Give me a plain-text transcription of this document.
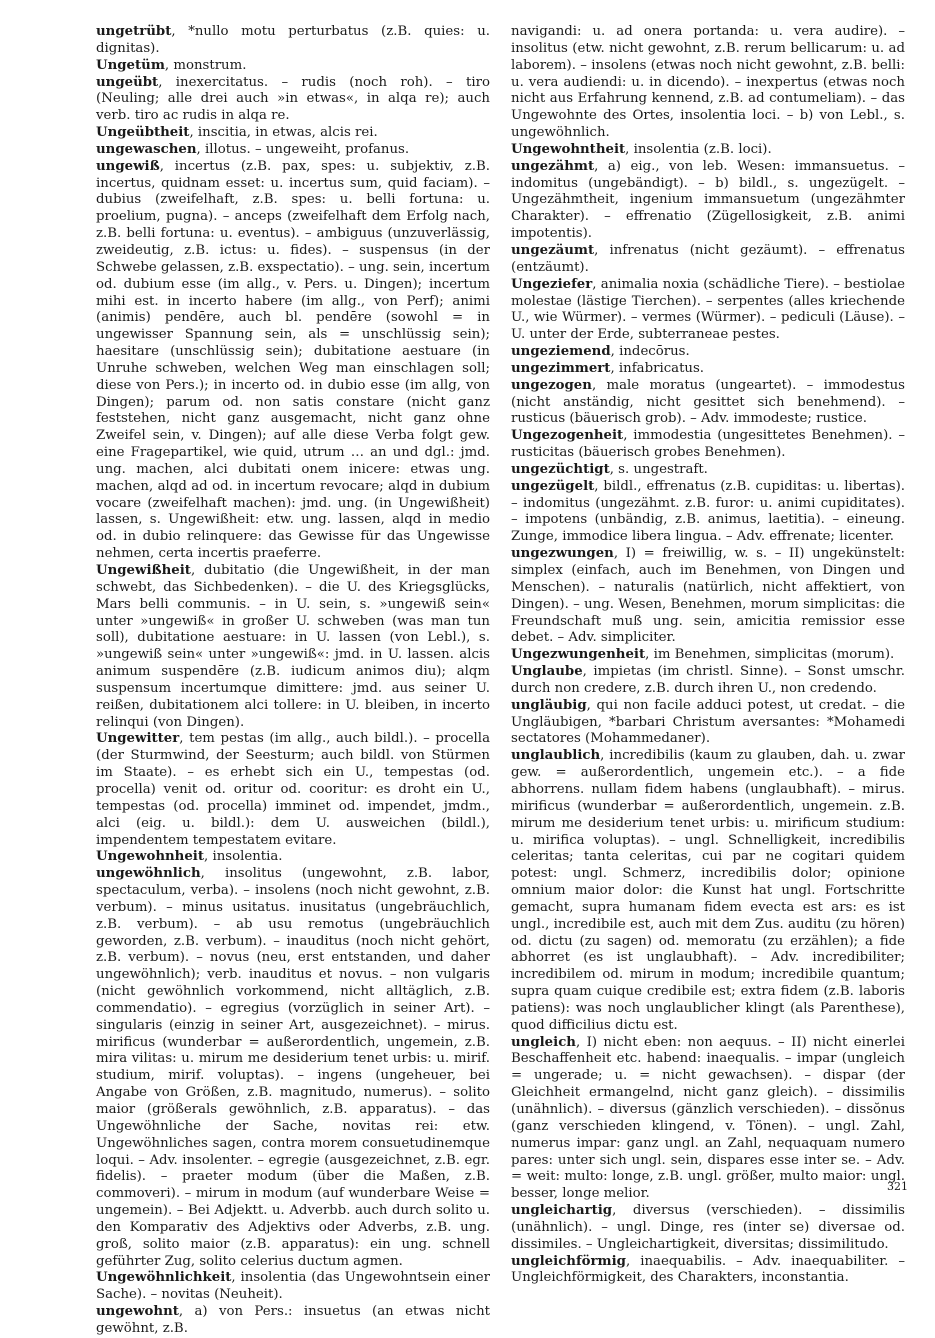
ungetrübt, *nullo motu perturbatus (z.B. quies: u. dignitas).

Ungetüm, monstrum.

ungeübt, inexercitatus. – rudis (noch roh). – tiro (Neuling; alle drei auch »in etwas«, in alqa re); auch verb. tiro ac rudis in alqa re.

Ungeübtheit, inscitia, in etwas, alcis rei.

ungewaschen, illotus. – ungeweiht, profanus.

ungewiß, incertus (z.B. pax, spes: u. subjektiv, z.B. incertus, quidnam esset: u. incertus sum, quid faciam). – dubius (zweifelhaft, z.B. spes: u. belli fortuna: u. proelium, pugna). – anceps (zweifelhaft dem Erfolg nach, z.B. belli fortuna: u. eventus). – ambiguus (unzuverlässig, zweideutig, z.B. ictus: u. fides). – suspensus (in der Schwebe gelassen, z.B. exspectatio). – ung. sein, incertum od. dubium esse (im allg., v. Pers. u. Dingen); incertum mihi est. in incerto habere (im allg., von Perf); animi (animis) pendēre, auch bl. pendēre (sowohl = in ungewisser Spannung sein, als = unschlüssig sein); haesitare (unschlüssig sein); dubitatione aestuare (in Unruhe schweben, welchen Weg man einschlagen soll; diese von Pers.); in incerto od. in dubio esse (im allg, von Dingen); parum od. non satis constare (nicht ganz feststehen, nicht ganz ausgemacht, nicht ganz ohne Zweifel sein, v. Dingen); auf alle diese Verba folgt gew. eine Fragepartikel, wie quid, utrum … an und dgl.: jmd. ung. machen, alci dubitati onem inicere: etwas ung. machen, alqd ad od. in incertum revocare; alqd in dubium vocare (zweifelhaft machen): jmd. ung. (in Ungewißheit) lassen, s. Ungewißheit: etw. ung. lassen, alqd in medio od. in dubio relinquere: das Gewisse für das Ungewisse nehmen, certa incertis praeferre.

Ungewißheit, dubitatio (die Ungewißheit, in der man schwebt, das Sichbedenken). – die U. des Kriegsglücks, Mars belli communis. – in U. sein, s. »ungewiß sein« unter »ungewiß« in großer U. schweben (was man tun soll), dubitatione aestuare: in U. lassen (von Lebl.), s. »ungewiß sein« unter »ungewiß«: jmd. in U. lassen. alcis animum suspendēre (z.B. iudicum animos diu); alqm suspensum incertumque dimittere: jmd. aus seiner U. reißen, dubitationem alci tollere: in U. bleiben, in incerto relinqui (von Dingen).

Ungewitter, tem pestas (im allg., auch bildl.). – procella (der Sturmwind, der Seesturm; auch bildl. von Stürmen im Staate). – es erhebt sich ein U., tempestas (od. procella) venit od. oritur od. cooritur: es droht ein U., tempestas (od. procella) imminet od. impendet, jmdm., alci (eig. u. bildl.): dem U. ausweichen (bildl.), impendentem tempestatem evitare.

Ungewohnheit, insolentia.

ungewöhnlich, insolitus (ungewohnt, z.B. labor, spectaculum, verba). – insolens (noch nicht gewohnt, z.B. verbum). – minus usitatus. inusitatus (ungebräuchlich, z.B. verbum). – ab usu remotus (ungebräuchlich geworden, z.B. verbum). – inauditus (noch nicht gehört, z.B. verbum). – novus (neu, erst entstanden, und daher ungewöhnlich); verb. inauditus et novus. – non vulgaris (nicht gewöhnlich vorkommend, nicht alltäglich, z.B. commendatio). – egregius (vorzüglich in seiner Art). – singularis (einzig in seiner Art, ausgezeichnet). – mirus. mirificus (wunderbar = außerordentlich, ungemein, z.B. mira vilitas: u. mirum me desiderium tenet urbis: u. mirif. studium, mirif. voluptas). – ingens (ungeheuer, bei Angabe von Größen, z.B. magnitudo, numerus). – solito maior (größerals gewöhnlich, z.B. apparatus). – das Ungewöhnliche der Sache, novitas rei: etw. Ungewöhnliches sagen, contra morem consuetudinemque loqui. – Adv. insolenter. – egregie (ausgezeichnet, z.B. egr. fidelis). – praeter modum (über die Maßen, z.B. commoveri). – mirum in modum (auf wunderbare Weise = ungemein). – Bei Adjektt. u. Adverbb. auch durch solito u. den Komparativ des Adjektivs oder Adverbs, z.B. ung. groß, solito maior (z.B. apparatus): ein ung. schnell geführter Zug, solito celerius ductum agmen.

Ungewöhnlichkeit, insolentia (das Ungewohntsein einer Sache). – novitas (Neuheit).

ungewohnt, a) von Pers.: insuetus (an etwas nicht gewöhnt, z.B.

navigandi: u. ad onera portanda: u. vera audire). – insolitus (etw. nicht gewohnt, z.B. rerum bellicarum: u. ad laborem). – insolens (etwas noch nicht gewohnt, z.B. belli: u. vera audiendi: u. in dicendo). – inexpertus (etwas noch nicht aus Erfahrung kennend, z.B. ad contumeliam). – das Ungewohnte des Ortes, insolentia loci. – b) von Lebl., s. ungewöhnlich.

Ungewohntheit, insolentia (z.B. loci).

ungezähmt, a) eig., von leb. Wesen: immansuetus. – indomitus (ungebändigt). – b) bildl., s. ungezügelt. – Ungezähmtheit, ingenium immansuetum (ungezähmter Charakter). – effrenatio (Zügellosigkeit, z.B. animi impotentis).

ungezäumt, infrenatus (nicht gezäumt). – effrenatus (entzäumt).

Ungeziefer, animalia noxia (schädliche Tiere). – bestiolae molestae (lästige Tierchen). – serpentes (alles kriechende U., wie Würmer). – vermes (Würmer). – pediculi (Läuse). – U. unter der Erde, subterraneae pestes.

ungeziemend, indecōrus.

ungezimmert, infabricatus.

ungezogen, male moratus (ungeartet). – immodestus (nicht anständig, nicht gesittet sich benehmend). – rusticus (bäuerisch grob). – Adv. immodeste; rustice.

Ungezogenheit, immodestia (ungesittetes Benehmen). – rusticitas (bäuerisch grobes Benehmen).

ungezüchtigt, s. ungestraft.

ungezügelt, bildl., effrenatus (z.B. cupiditas: u. libertas). – indomitus (ungezähmt. z.B. furor: u. animi cupiditates). – impotens (unbändig, z.B. animus, laetitia). – eineung. Zunge, immodice libera lingua. – Adv. effrenate; licenter.

ungezwungen, I) = freiwillig, w. s. – II) ungekünstelt: simplex (einfach, auch im Benehmen, von Dingen und Menschen). – naturalis (natürlich, nicht affektiert, von Dingen). – ung. Wesen, Benehmen, morum simplicitas: die Freundschaft muß ung. sein, amicitia remissior esse debet. – Adv. simpliciter.

Ungezwungenheit, im Benehmen, simplicitas (morum).

Unglaube, impietas (im christl. Sinne). – Sonst umschr. durch non credere, z.B. durch ihren U., non credendo.

ungläubig, qui non facile adduci potest, ut credat. – die Ungläubigen, *barbari Christum aversantes: *Mohamedi sectatores (Mohammedaner).

unglaublich, incredibilis (kaum zu glauben, dah. u. zwar gew. = außerordentlich, ungemein etc.). – a fide abhorrens. nullam fidem habens (unglaubhaft). – mirus. mirificus (wunderbar = außerordentlich, ungemein. z.B. mirum me desiderium tenet urbis: u. mirificum studium: u. mirifica voluptas). – ungl. Schnelligkeit, incredibilis celeritas; tanta celeritas, cui par ne cogitari quidem potest: ungl. Schmerz, incredibilis dolor; opinione omnium maior dolor: die Kunst hat ungl. Fortschritte gemacht, supra humanam fidem evecta est ars: es ist ungl., incredibile est, auch mit dem Zus. auditu (zu hören) od. dictu (zu sagen) od. memoratu (zu erzählen); a fide abhorret (es ist unglaubhaft). – Adv. incredibiliter; incredibilem od. mirum in modum; incredibile quantum; supra quam cuique credibile est; extra fidem (z.B. laboris patiens): was noch unglaublicher klingt (als Parenthese), quod difficilius dictu est.

ungleich, I) nicht eben: non aequus. – II) nicht einerlei Beschaffenheit etc. habend: inaequalis. – impar (ungleich = ungerade; u. = nicht gewachsen). – dispar (der Gleichheit ermangelnd, nicht ganz gleich). – dissimilis (unähnlich). – diversus (gänzlich verschieden). – dissŏnus (ganz verschieden klingend, v. Tönen). – ungl. Zahl, numerus impar: ganz ungl. an Zahl, nequaquam numero pares: unter sich ungl. sein, dispares esse inter se. – Adv. = weit: multo: longe, z.B. ungl. größer, multo maior: ungl. besser, longe melior.

ungleichartig, diversus (verschieden). – dissimilis (unähnlich). – ungl. Dinge, res (inter se) diversae od. dissimiles. – Ungleichartigkeit, diversitas; dissimilitudo.

ungleichförmig, inaequabilis. – Adv. inaequabiliter. – Ungleichförmigkeit, des Charakters, inconstantia.

321
